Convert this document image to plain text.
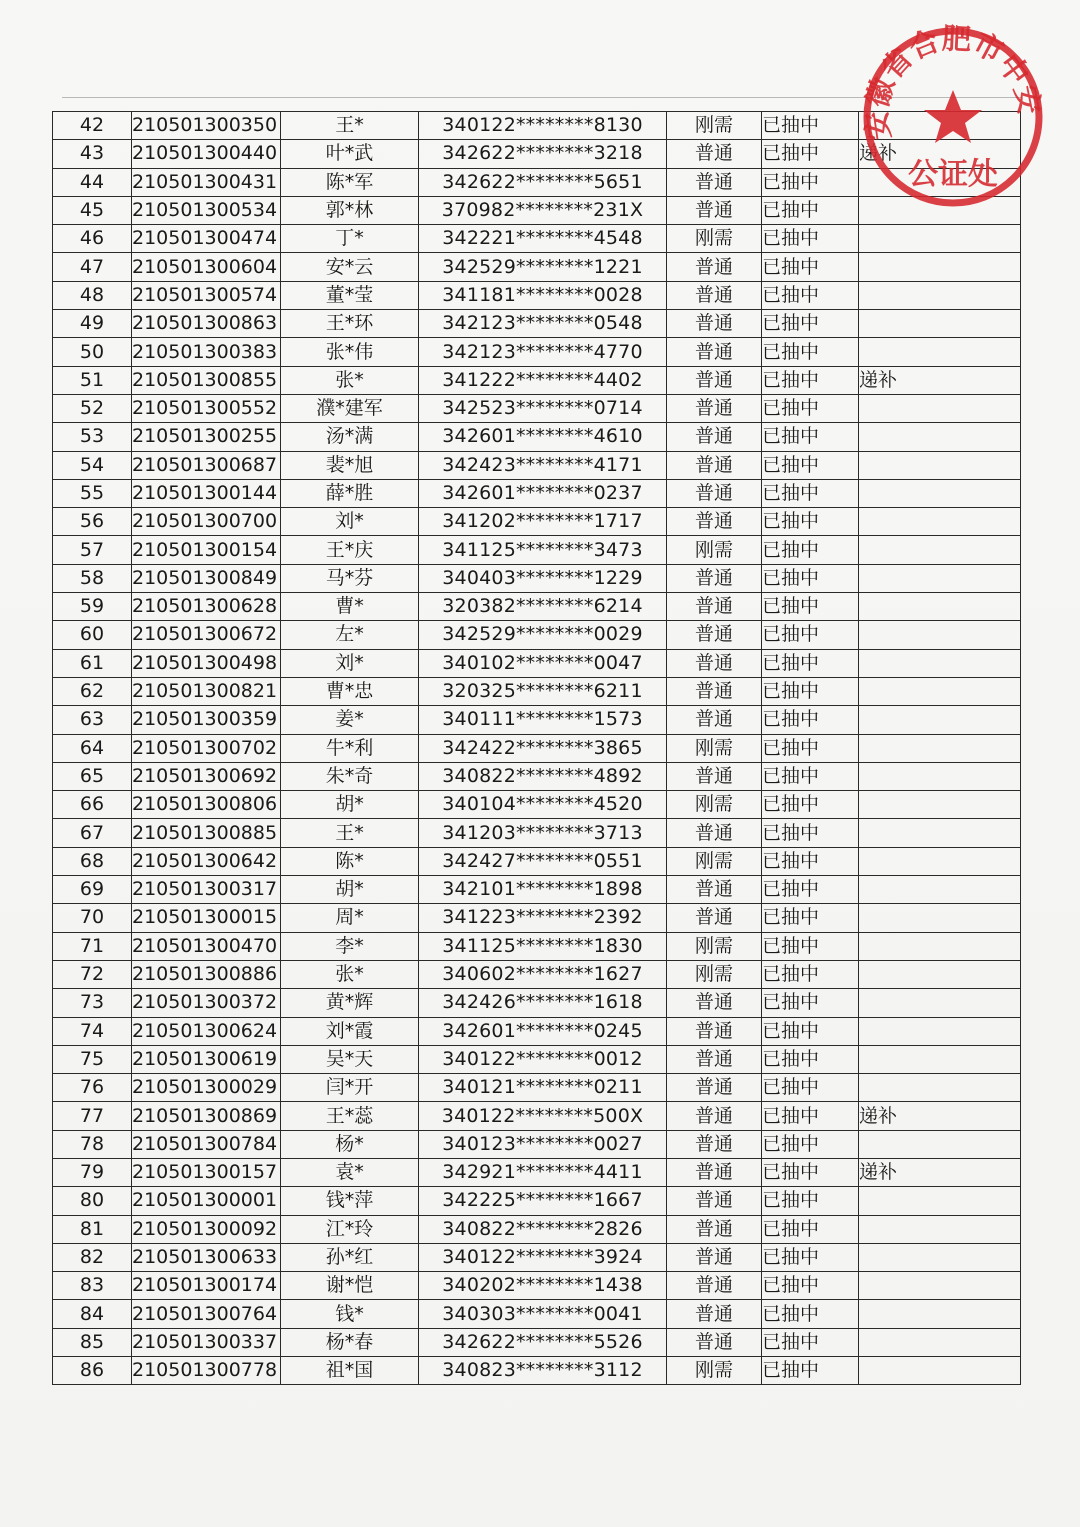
42	210501300350	王*	340122********8130	刚需	已抽中	
43	210501300440	叶*武	342622********3218	普通	已抽中	递补
44	210501300431	陈*军	342622********5651	普通	已抽中	
45	210501300534	郭*林	370982********231X	普通	已抽中	
46	210501300474	丁*	342221********4548	刚需	已抽中	
47	210501300604	安*云	342529********1221	普通	已抽中	
48	210501300574	董*莹	341181********0028	普通	已抽中	
49	210501300863	王*环	342123********0548	普通	已抽中	
50	210501300383	张*伟	342123********4770	普通	已抽中	
51	210501300855	张*	341222********4402	普通	已抽中	递补
52	210501300552	濮*建军	342523********0714	普通	已抽中	
53	210501300255	汤*满	342601********4610	普通	已抽中	
54	210501300687	裴*旭	342423********4171	普通	已抽中	
55	210501300144	薛*胜	342601********0237	普通	已抽中	
56	210501300700	刘*	341202********1717	普通	已抽中	
57	210501300154	王*庆	341125********3473	刚需	已抽中	
58	210501300849	马*芬	340403********1229	普通	已抽中	
59	210501300628	曹*	320382********6214	普通	已抽中	
60	210501300672	左*	342529********0029	普通	已抽中	
61	210501300498	刘*	340102********0047	普通	已抽中	
62	210501300821	曹*忠	320325********6211	普通	已抽中	
63	210501300359	姜*	340111********1573	普通	已抽中	
64	210501300702	牛*利	342422********3865	刚需	已抽中	
65	210501300692	朱*奇	340822********4892	普通	已抽中	
66	210501300806	胡*	340104********4520	刚需	已抽中	
67	210501300885	王*	341203********3713	普通	已抽中	
68	210501300642	陈*	342427********0551	刚需	已抽中	
69	210501300317	胡*	342101********1898	普通	已抽中	
70	210501300015	周*	341223********2392	普通	已抽中	
71	210501300470	李*	341125********1830	刚需	已抽中	
72	210501300886	张*	340602********1627	刚需	已抽中	
73	210501300372	黄*辉	342426********1618	普通	已抽中	
74	210501300624	刘*霞	342601********0245	普通	已抽中	
75	210501300619	吴*天	340122********0012	普通	已抽中	
76	210501300029	闫*开	340121********0211	普通	已抽中	
77	210501300869	王*蕊	340122********500X	普通	已抽中	递补
78	210501300784	杨*	340123********0027	普通	已抽中	
79	210501300157	袁*	342921********4411	普通	已抽中	递补
80	210501300001	钱*萍	342225********1667	普通	已抽中	
81	210501300092	江*玲	340822********2826	普通	已抽中	
82	210501300633	孙*红	340122********3924	普通	已抽中	
83	210501300174	谢*恺	340202********1438	普通	已抽中	
84	210501300764	钱*	340303********0041	普通	已抽中	
85	210501300337	杨*春	342622********5526	普通	已抽中	
86	210501300778	祖*国	340823********3112	刚需	已抽中	
安徽省合肥市中安
公证处
